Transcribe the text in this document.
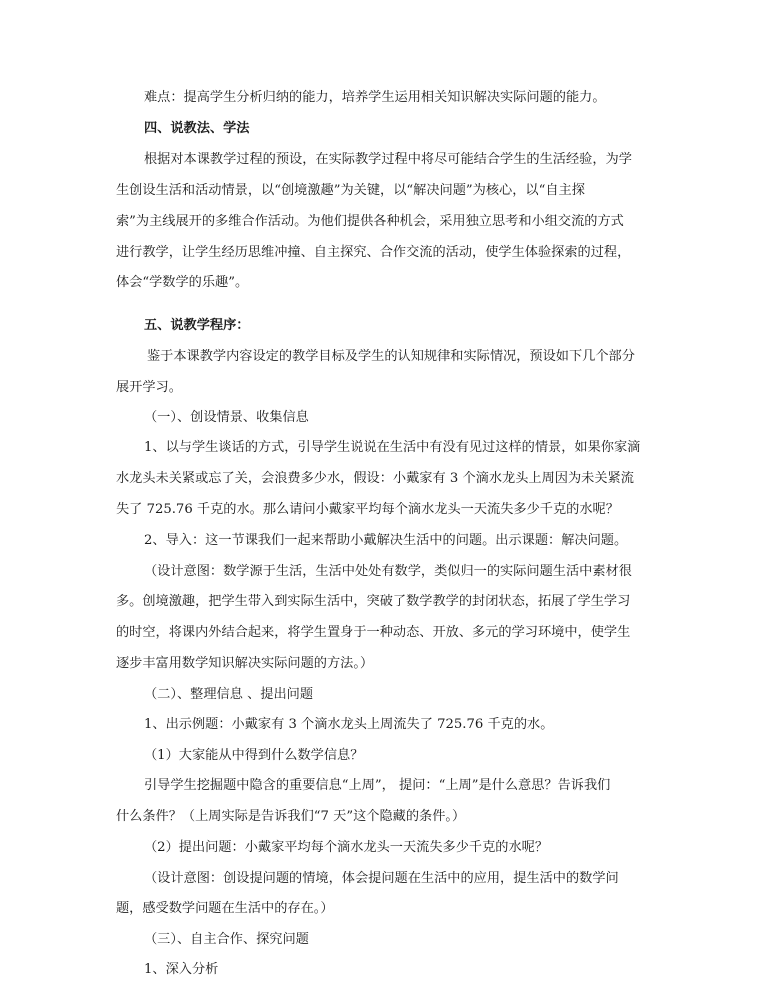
难点：提高学生分析归纳的能力，培养学生运用相关知识解决实际问题的能力。
四、说教法、学法
根据对本课教学过程的预设，在实际教学过程中将尽可能结合学生的生活经验，为学
生创设生活和活动情景，以“创境激趣”为关键，以“解决问题”为核心，以“自主探
索”为主线展开的多维合作活动。为他们提供各种机会，采用独立思考和小组交流的方式
进行教学，让学生经历思维冲撞、自主探究、合作交流的活动，使学生体验探索的过程，
体会“学数学的乐趣”。
五、说教学程序：
鉴于本课教学内容设定的教学目标及学生的认知规律和实际情况，预设如下几个部分
展开学习。
（一）、创设情景、收集信息
1、以与学生谈话的方式，引导学生说说在生活中有没有见过这样的情景，如果你家滴
水龙头未关紧或忘了关，会浪费多少水，假设：小戴家有 3 个滴水龙头上周因为未关紧流
失了 725.76 千克的水。那么请问小戴家平均每个滴水龙头一天流失多少千克的水呢？
2、导入：这一节课我们一起来帮助小戴解决生活中的问题。出示课题：解决问题。
（设计意图：数学源于生活，生活中处处有数学，类似归一的实际问题生活中素材很
多。创境激趣，把学生带入到实际生活中，突破了数学教学的封闭状态，拓展了学生学习
的时空，将课内外结合起来，将学生置身于一种动态、开放、多元的学习环境中，使学生
逐步丰富用数学知识解决实际问题的方法。）
（二）、整理信息 、提出问题
1、出示例题：小戴家有 3 个滴水龙头上周流失了 725.76 千克的水。
（1）大家能从中得到什么数学信息？
引导学生挖掘题中隐含的重要信息“上周”， 提问：“上周”是什么意思？告诉我们
什么条件？（上周实际是告诉我们“7 天”这个隐藏的条件。）
（2）提出问题：小戴家平均每个滴水龙头一天流失多少千克的水呢？
（设计意图：创设提问题的情境，体会提问题在生活中的应用，提生活中的数学问
题，感受数学问题在生活中的存在。）
（三）、自主合作、探究问题
1、深入分析
